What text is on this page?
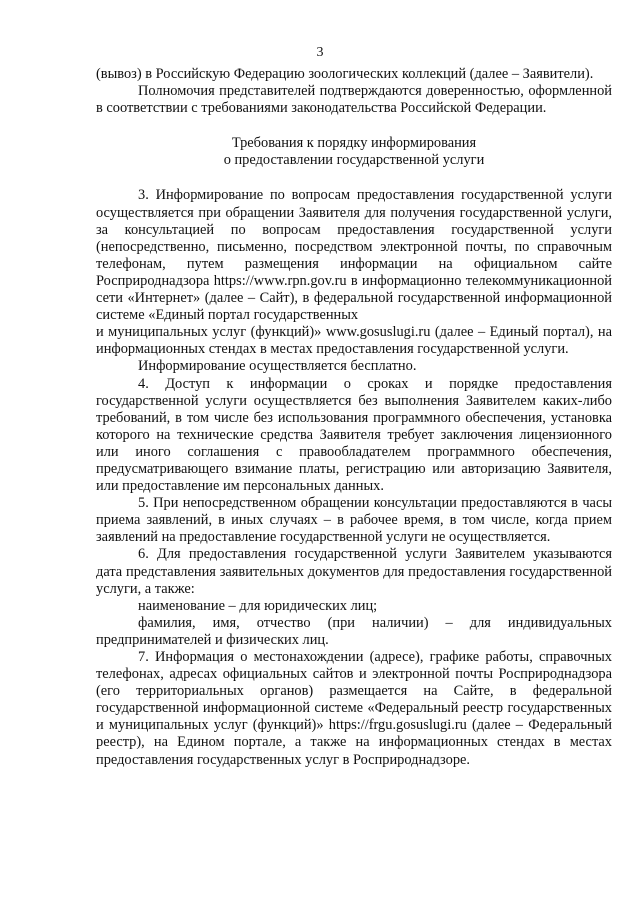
3

(вывоз) в Российскую Федерацию зоологических коллекций (далее – Заявители).

Полномочия представителей подтверждаются доверенностью, оформленной в соответствии с требованиями законодательства Российской Федерации.

Требования к порядку информирования

о предоставлении государственной услуги

3. Информирование по вопросам предоставления государственной услуги осуществляется при обращении Заявителя для получения государственной услуги, за консультацией по вопросам предоставления государственной услуги (непосредственно, письменно, посредством электронной почты, по справочным телефонам, путем размещения информации на официальном сайте Росприроднадзора https://www.rpn.gov.ru в информационно телекоммуникационной сети «Интернет» (далее – Сайт), в федеральной государственной информационной системе «Единый портал государственных

и муниципальных услуг (функций)» www.gosuslugi.ru (далее – Единый портал), на информационных стендах в местах предоставления государственной услуги.

Информирование осуществляется бесплатно.

4. Доступ к информации о сроках и порядке предоставления государственной услуги осуществляется без выполнения Заявителем каких-либо требований, в том числе без использования программного обеспечения, установка которого на технические средства Заявителя требует заключения лицензионного или иного соглашения с правообладателем программного обеспечения, предусматривающего взимание платы, регистрацию или авторизацию Заявителя, или предоставление им персональных данных.

5. При непосредственном обращении консультации предоставляются в часы приема заявлений, в иных случаях – в рабочее время, в том числе, когда прием заявлений на предоставление государственной услуги не осуществляется.

6. Для предоставления государственной услуги Заявителем указываются дата представления заявительных документов для предоставления государственной услуги, а также:

наименование – для юридических лиц;

фамилия, имя, отчество (при наличии) – для индивидуальных предпринимателей и физических лиц.

7. Информация о местонахождении (адресе), графике работы, справочных телефонах, адресах официальных сайтов и электронной почты Росприроднадзора (его территориальных органов) размещается на Сайте, в федеральной государственной информационной системе «Федеральный реестр государственных и муниципальных услуг (функций)» https://frgu.gosuslugi.ru (далее – Федеральный реестр), на Едином портале, а также на информационных стендах в местах предоставления государственных услуг в Росприроднадзоре.
